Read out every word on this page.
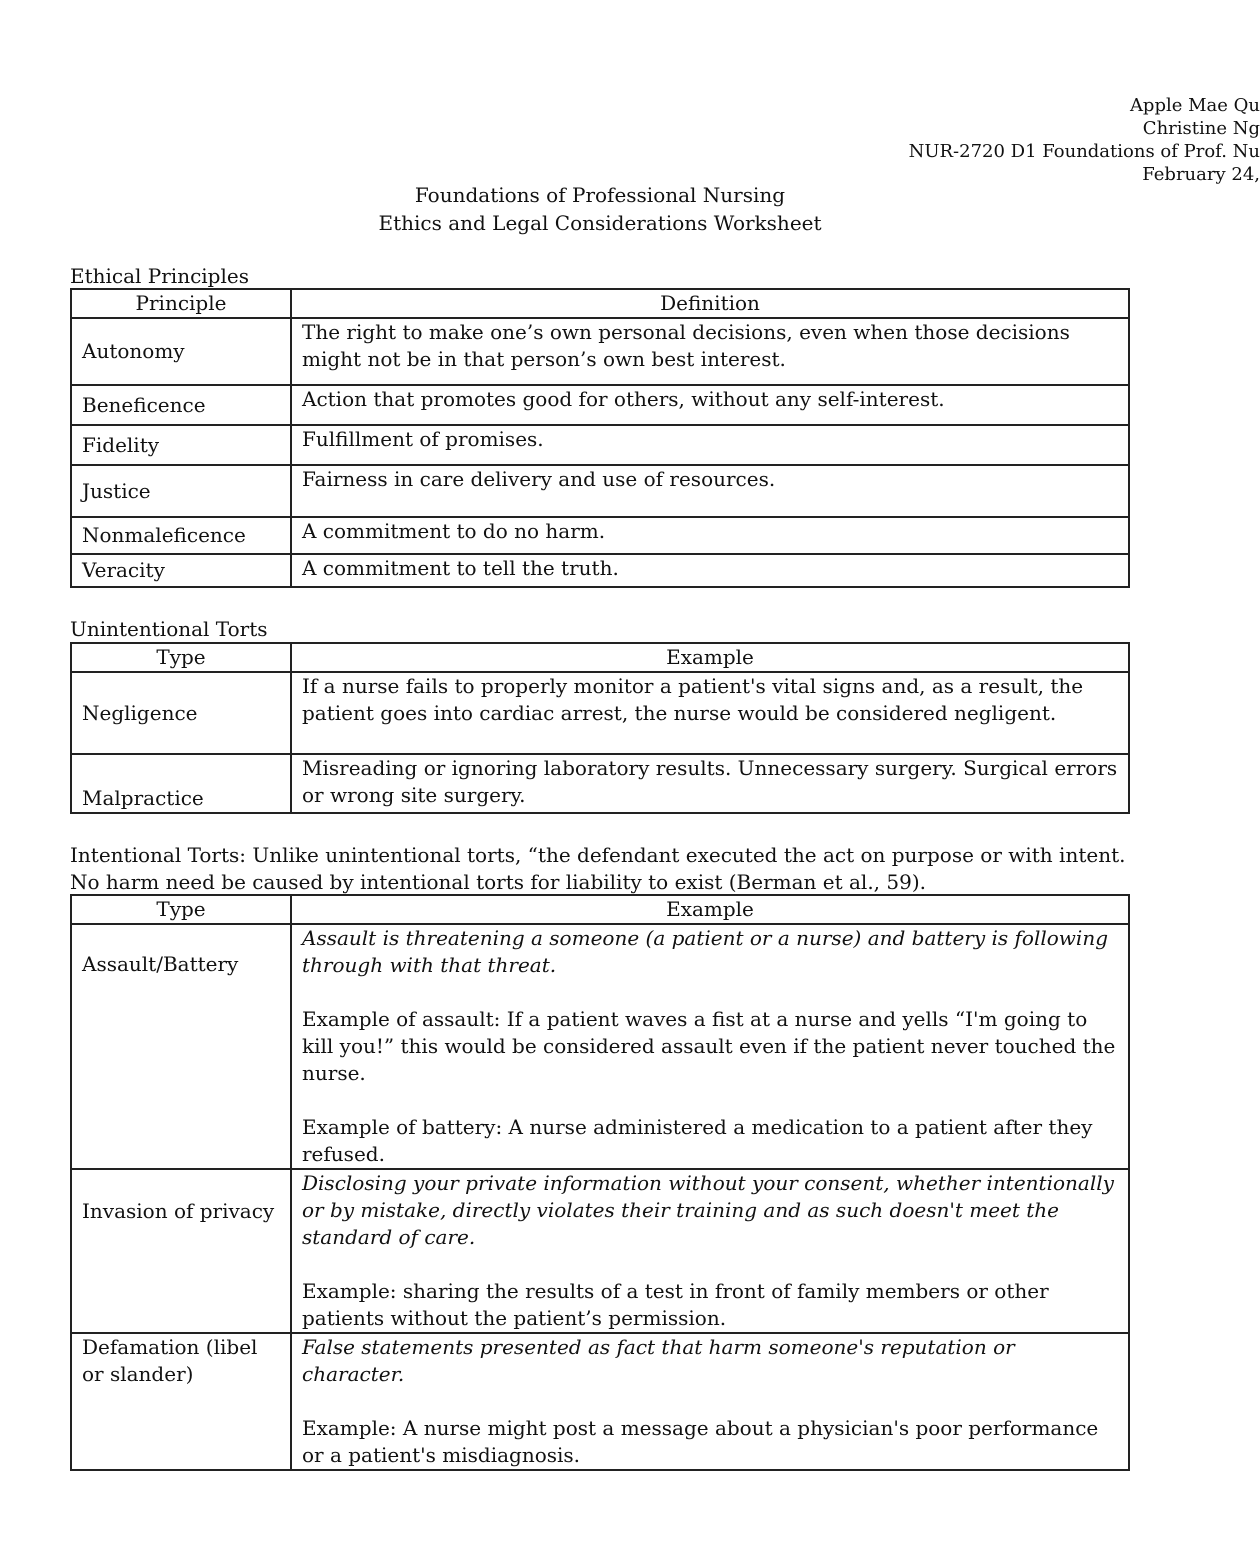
Apple Mae Qu
Christine Ng
NUR-2720 D1 Foundations of Prof. Nu
February 24,
Foundations of Professional Nursing
Ethics and Legal Considerations Worksheet
Ethical Principles
Principle	Definition
Autonomy	The right to make one’s own personal decisions, even when those decisions might not be in that person’s own best interest.
Beneficence	Action that promotes good for others, without any self-interest.
Fidelity	Fulfillment of promises.
Justice	Fairness in care delivery and use of resources.
Nonmaleficence	A commitment to do no harm.
Veracity	A commitment to tell the truth.
Unintentional Torts
Type	Example
Negligence	If a nurse fails to properly monitor a patient's vital signs and, as a result, the patient goes into cardiac arrest, the nurse would be considered negligent.
Malpractice	Misreading or ignoring laboratory results. Unnecessary surgery. Surgical errors or wrong site surgery.
Intentional Torts: Unlike unintentional torts, “the defendant executed the act on purpose or with intent. No harm need be caused by intentional torts for liability to exist (Berman et al., 59).
Type	Example
Assault/Battery	Assault is threatening a someone (a patient or a nurse) and battery is following through with that threat.

Example of assault: If a patient waves a fist at a nurse and yells “I'm going to kill you!” this would be considered assault even if the patient never touched the nurse.

Example of battery: A nurse administered a medication to a patient after they refused.

Invasion of privacy	Disclosing your private information without your consent, whether intentionally or by mistake, directly violates their training and as such doesn't meet the standard of care.

Example: sharing the results of a test in front of family members or other patients without the patient’s permission.

Defamation (libel or slander)	False statements presented as fact that harm someone's reputation or character.

Example: A nurse might post a message about a physician's poor performance or a patient's misdiagnosis.
